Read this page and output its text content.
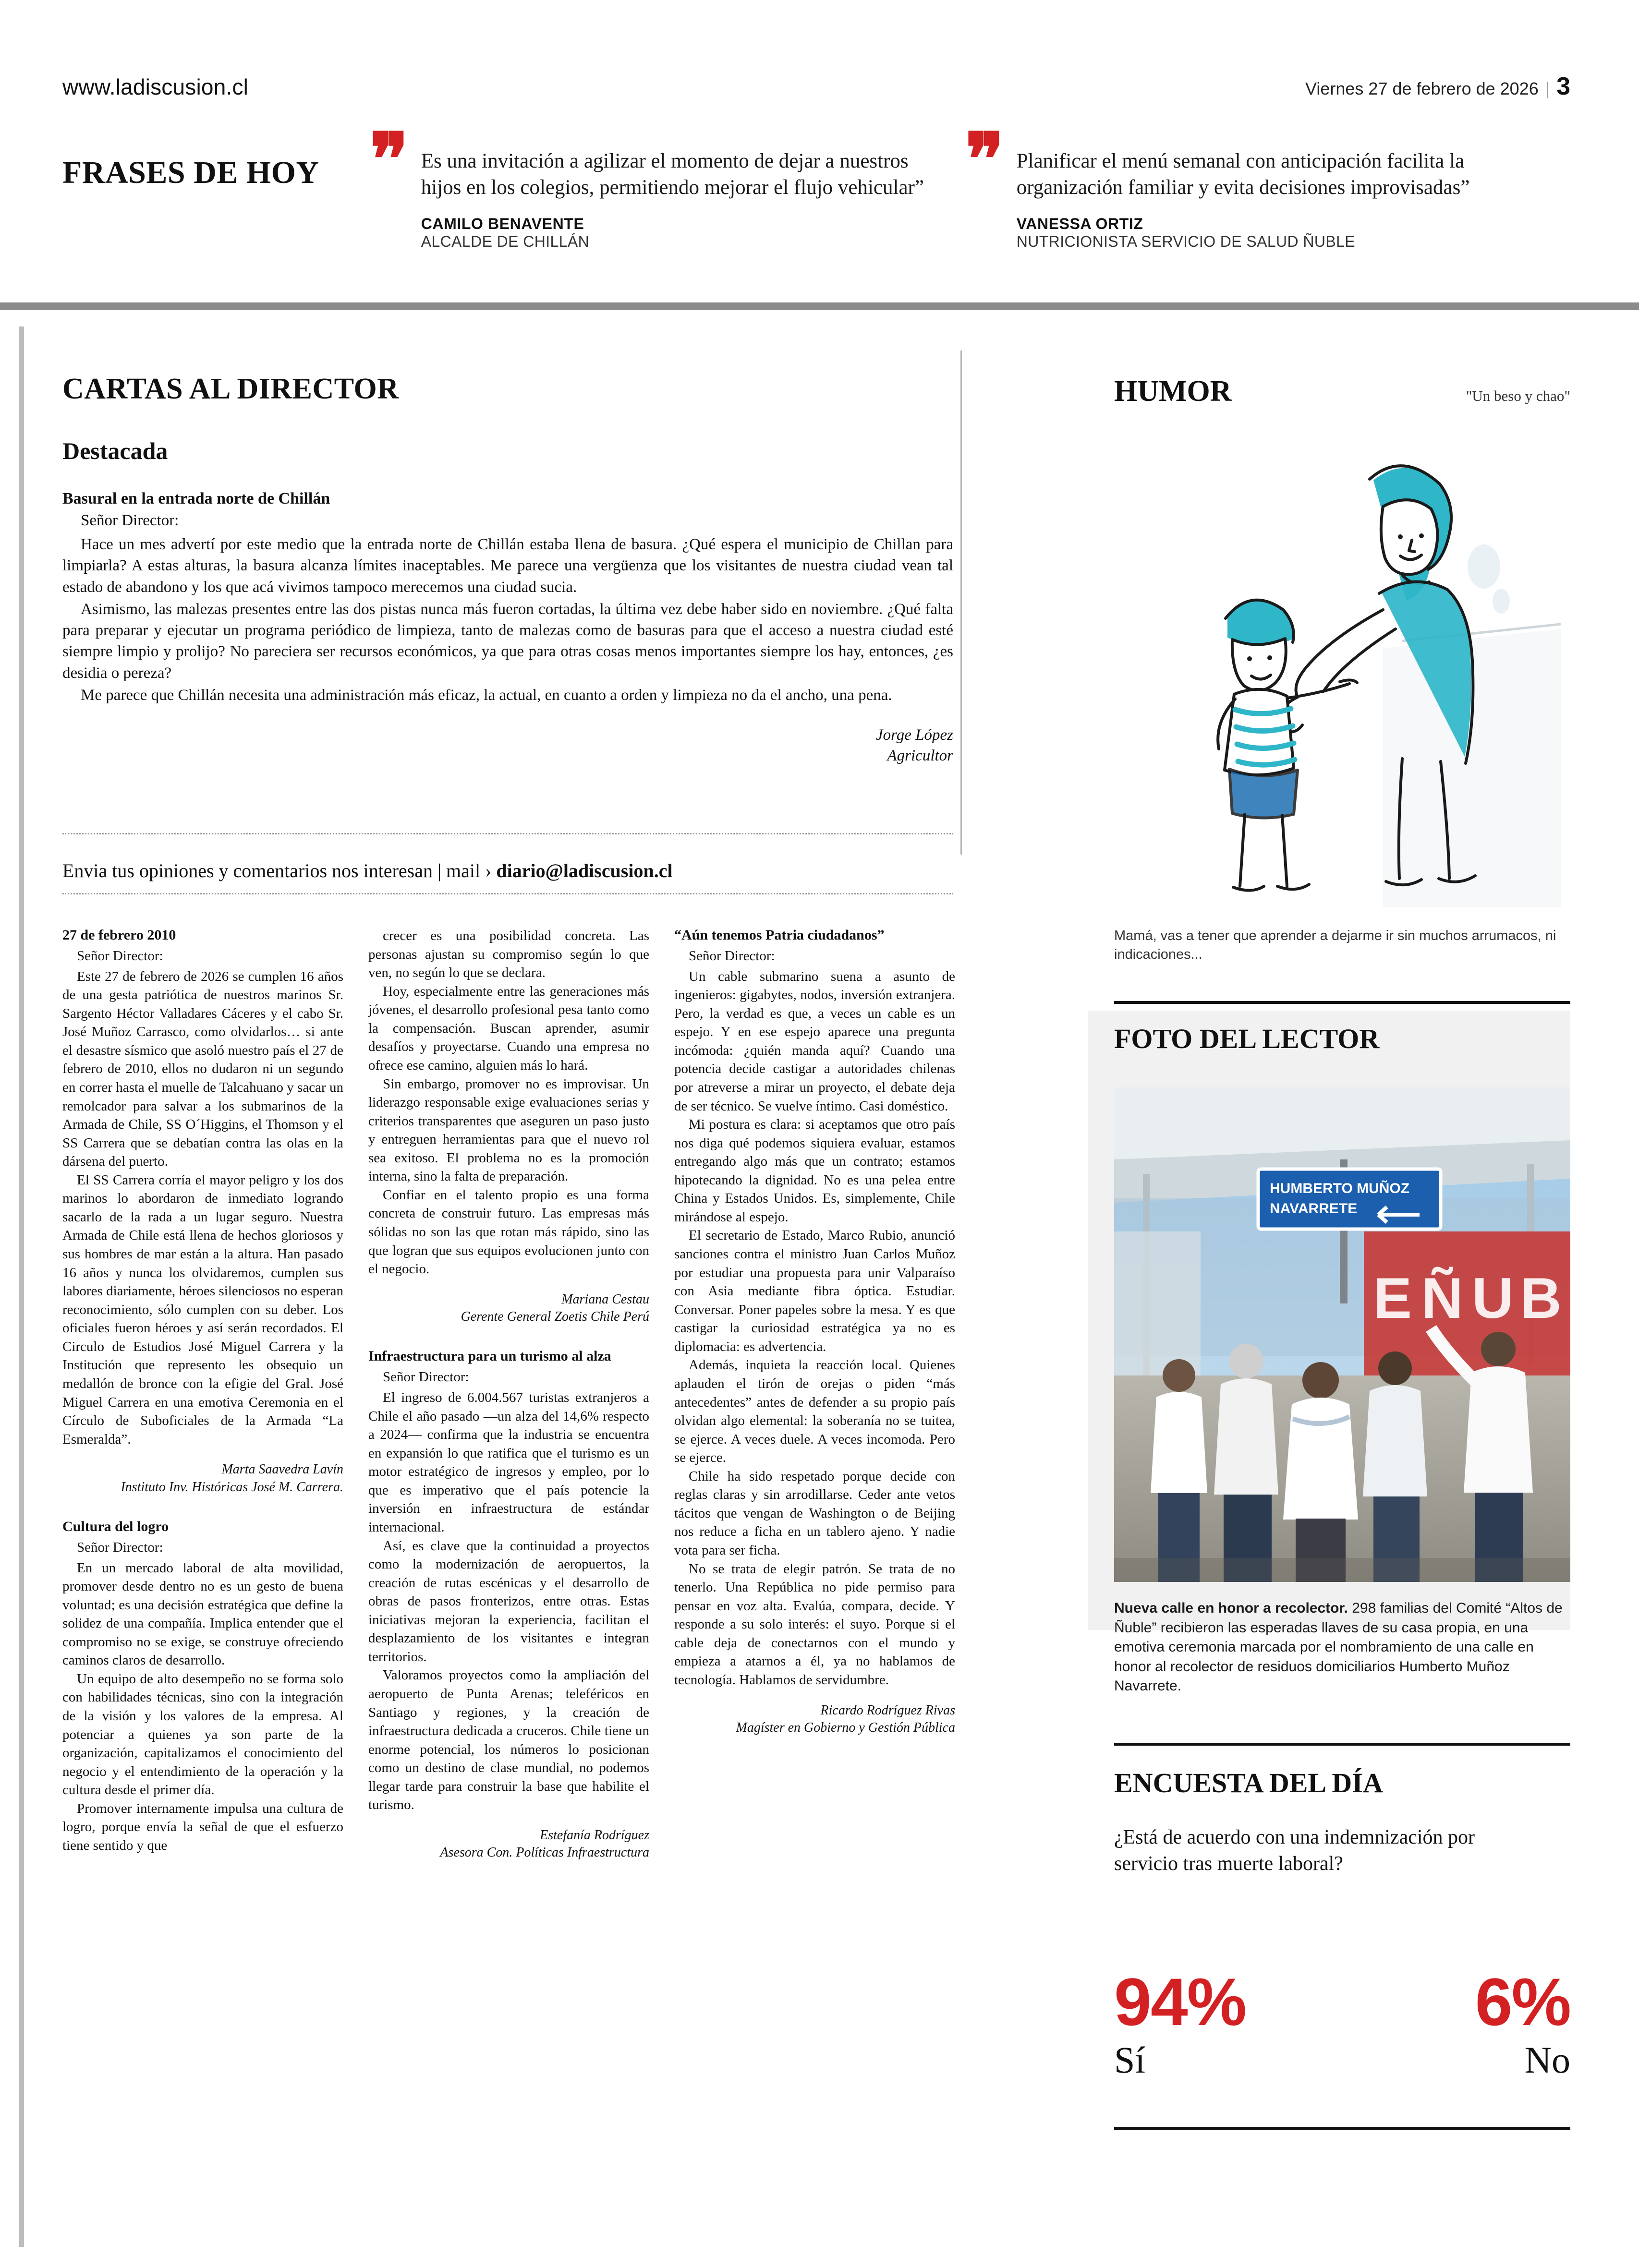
www.ladiscusion.cl	Viernes 27 de febrero de 2026 | 3
FRASES DE HOY ❞ Es una invitación a agilizar el momento de dejar a nuestros hijos en los colegios, permitiendo mejorar el flujo vehicular”
CAMILO BENAVENTE
ALCALDE DE CHILLÁN
❞ Planificar el menú semanal con anticipación facilita la organización familiar y evita decisiones improvisadas”
VANESSA ORTIZ
NUTRICIONISTA SERVICIO DE SALUD ÑUBLE
CARTAS AL DIRECTOR
Destacada
Basural en la entrada norte de Chillán

Señor Director:

Hace un mes advertí por este medio que la entrada norte de Chillán estaba llena de basura. ¿Qué espera el municipio de Chillan para limpiarla? A estas alturas, la basura alcanza límites inaceptables. Me parece una vergüenza que los visitantes de nuestra ciudad vean tal estado de abandono y los que acá vivimos tampoco merecemos una ciudad sucia.

Asimismo, las malezas presentes entre las dos pistas nunca más fueron cortadas, la última vez debe haber sido en noviembre. ¿Qué falta para preparar y ejecutar un programa periódico de limpieza, tanto de malezas como de basuras para que el acceso a nuestra ciudad esté siempre limpio y prolijo? No pareciera ser recursos económicos, ya que para otras cosas menos importantes siempre los hay, entonces, ¿es desidia o pereza?

Me parece que Chillán necesita una administración más eficaz, la actual, en cuanto a orden y limpieza no da el ancho, una pena.

Jorge López
Agricultor
Envia tus opiniones y comentarios nos interesan | mail › diario@ladiscusion.cl
27 de febrero 2010

Señor Director:

Este 27 de febrero de 2026 se cumplen 16 años de una gesta patriótica de nuestros marinos Sr. Sargento Héctor Valladares Cáceres y el cabo Sr. José Muñoz Carrasco, como olvidarlos… si ante el desastre sísmico que asoló nuestro país el 27 de febrero de 2010, ellos no dudaron ni un segundo en correr hasta el muelle de Talcahuano y sacar un remolcador para salvar a los submarinos de la Armada de Chile, SS O´Higgins, el Thomson y el SS Carrera que se debatían contra las olas en la dársena del puerto.

El SS Carrera corría el mayor peligro y los dos marinos lo abordaron de inmediato logrando sacarlo de la rada a un lugar seguro. Nuestra Armada de Chile está llena de hechos gloriosos y sus hombres de mar están a la altura. Han pasado 16 años y nunca los olvidaremos, cumplen sus labores diariamente, héroes silenciosos no esperan reconocimiento, sólo cumplen con su deber. Los oficiales fueron héroes y así serán recordados. El Circulo de Estudios José Miguel Carrera y la Institución que represento les obsequio un medallón de bronce con la efigie del Gral. José Miguel Carrera en una emotiva Ceremonia en el Círculo de Suboficiales de la Armada “La Esmeralda”.

Marta Saavedra Lavín
Instituto Inv. Históricas José M. Carrera.
Cultura del logro

Señor Director:

En un mercado laboral de alta movilidad, promover desde dentro no es un gesto de buena voluntad; es una decisión estratégica que define la solidez de una compañía. Implica entender que el compromiso no se exige, se construye ofreciendo caminos claros de desarrollo.

Un equipo de alto desempeño no se forma solo con habilidades técnicas, sino con la integración de la visión y los valores de la empresa. Al potenciar a quienes ya son parte de la organización, capitalizamos el conocimiento del negocio y el entendimiento de la operación y la cultura desde el primer día.

Promover internamente impulsa una cultura de logro, porque envía la señal de que el esfuerzo tiene sentido y que

crecer es una posibilidad concreta. Las personas ajustan su compromiso según lo que ven, no según lo que se declara.

Hoy, especialmente entre las generaciones más jóvenes, el desarrollo profesional pesa tanto como la compensación. Buscan aprender, asumir desafíos y proyectarse. Cuando una empresa no ofrece ese camino, alguien más lo hará.

Sin embargo, promover no es improvisar. Un liderazgo responsable exige evaluaciones serias y criterios transparentes que aseguren un paso justo y entreguen herramientas para que el nuevo rol sea exitoso. El problema no es la promoción interna, sino la falta de preparación.

Confiar en el talento propio es una forma concreta de construir futuro. Las empresas más sólidas no son las que rotan más rápido, sino las que logran que sus equipos evolucionen junto con el negocio.

Mariana Cestau
Gerente General Zoetis Chile Perú
Infraestructura para un turismo al alza

Señor Director:

El ingreso de 6.004.567 turistas extranjeros a Chile el año pasado —un alza del 14,6% respecto a 2024— confirma que la industria se encuentra en expansión lo que ratifica que el turismo es un motor estratégico de ingresos y empleo, por lo que es imperativo que el país potencie la inversión en infraestructura de estándar internacional.

Así, es clave que la continuidad a proyectos como la modernización de aeropuertos, la creación de rutas escénicas y el desarrollo de obras de pasos fronterizos, entre otras. Estas iniciativas mejoran la experiencia, facilitan el desplazamiento de los visitantes e integran territorios.

Valoramos proyectos como la ampliación del aeropuerto de Punta Arenas; teleféricos en Santiago y regiones, y la creación de infraestructura dedicada a cruceros. Chile tiene un enorme potencial, los números lo posicionan como un destino de clase mundial, no podemos llegar tarde para construir la base que habilite el turismo.

Estefanía Rodríguez
Asesora Con. Políticas Infraestructura
“Aún tenemos Patria ciudadanos”

Señor Director:

Un cable submarino suena a asunto de ingenieros: gigabytes, nodos, inversión extranjera. Pero, la verdad es que, a veces un cable es un espejo. Y en ese espejo aparece una pregunta incómoda: ¿quién manda aquí? Cuando una potencia decide castigar a autoridades chilenas por atreverse a mirar un proyecto, el debate deja de ser técnico. Se vuelve íntimo. Casi doméstico.

Mi postura es clara: si aceptamos que otro país nos diga qué podemos siquiera evaluar, estamos entregando algo más que un contrato; estamos hipotecando la dignidad. No es una pelea entre China y Estados Unidos. Es, simplemente, Chile mirándose al espejo.

El secretario de Estado, Marco Rubio, anunció sanciones contra el ministro Juan Carlos Muñoz por estudiar una propuesta para unir Valparaíso con Asia mediante fibra óptica. Estudiar. Conversar. Poner papeles sobre la mesa. Y es que castigar la curiosidad estratégica ya no es diplomacia: es advertencia.

Además, inquieta la reacción local. Quienes aplauden el tirón de orejas o piden “más antecedentes” antes de defender a su propio país olvidan algo elemental: la soberanía no se tuitea, se ejerce. A veces duele. A veces incomoda. Pero se ejerce.

Chile ha sido respetado porque decide con reglas claras y sin arrodillarse. Ceder ante vetos tácitos que vengan de Washington o de Beijing nos reduce a ficha en un tablero ajeno. Y nadie vota para ser ficha.

No se trata de elegir patrón. Se trata de no tenerlo. Una República no pide permiso para pensar en voz alta. Evalúa, compara, decide. Y responde a su solo interés: el suyo. Porque si el cable deja de conectarnos con el mundo y empieza a atarnos a él, ya no hablamos de tecnología. Hablamos de servidumbre.

Ricardo Rodríguez Rivas
Magíster en Gobierno y Gestión Pública
HUMOR	"Un beso y chao"
Mamá, vas a tener que aprender a dejarme ir sin muchos arrumacos, ni indicaciones...
FOTO DEL LECTOR
E Ñ U B
HUMBERTO MUÑOZ
NAVARRETE
Nueva calle en honor a recolector. 298 familias del Comité “Altos de Ñuble” recibieron las esperadas llaves de su casa propia, en una emotiva ceremonia marcada por el nombramiento de una calle en honor al recolector de residuos domiciliarios Humberto Muñoz Navarrete.
ENCUESTA DEL DÍA
¿Está de acuerdo con una indemnización por servicio tras muerte laboral?
94%
Sí
6%
No
